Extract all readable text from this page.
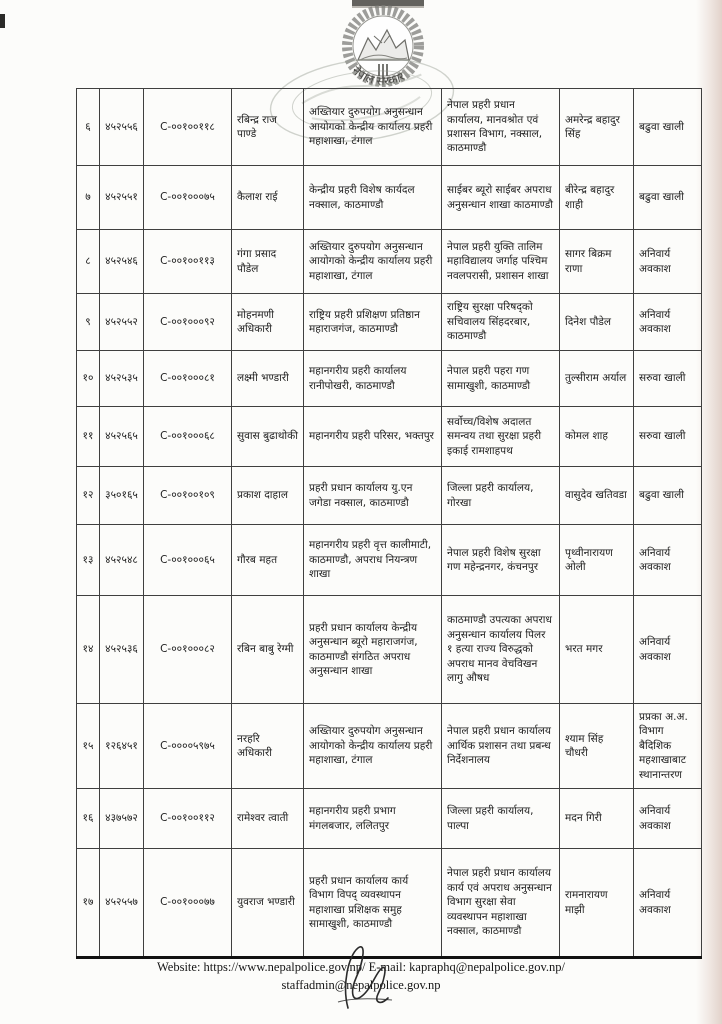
नेपाल सरकार
६	४५२५५६	C-००१००११८	रबिन्द्र राज पाण्डे	अख्तियार दुरुपयोग अनुसन्धान आयोगको केन्द्रीय कार्यालय प्रहरी महाशाखा, टंगाल	नेपाल प्रहरी प्रधान कार्यालय, मानवश्रोत एवं प्रशासन विभाग, नक्साल, काठमाण्डौ	अमरेन्द्र बहादुर सिंह	बढुवा खाली
७	४५२५५१	C-००१०००७५	कैलाश राई	केन्द्रीय प्रहरी विशेष कार्यदल नक्साल, काठमाण्डौ	साईबर ब्यूरो साईबर अपराध अनुसन्धान शाखा काठमाण्डौ	बीरेन्द्र बहादुर शाही	बढुवा खाली
८	४५२५४६	C-००१००११३	गंगा प्रसाद पौडेल	अख्तियार दुरुपयोग अनुसन्धान आयोगको केन्द्रीय कार्यालय प्रहरी महाशाखा, टंगाल	नेपाल प्रहरी युक्ति तालिम महाविद्यालय जर्गाह पश्चिम नवलपरासी, प्रशासन शाखा	सागर बिक्रम राणा	अनिवार्य अवकाश
९	४५२५५२	C-००१०००९२	मोहनमणी अधिकारी	राष्ट्रिय प्रहरी प्रशिक्षण प्रतिष्ठान महाराजगंज, काठमाण्डौ	राष्ट्रिय सुरक्षा परिषद्को सचिवालय सिंहदरबार, काठमाण्डौ	दिनेश पौडेल	अनिवार्य अवकाश
१०	४५२५३५	C-००१०००८१	लक्ष्मी भण्डारी	महानगरीय प्रहरी कार्यालय रानीपोखरी, काठमाण्डौ	नेपाल प्रहरी पहरा गण सामाखुशी, काठमाण्डौ	तुल्सीराम अर्याल	सरुवा खाली
११	४५२५६५	C-००१०००६८	सुवास बुढाथोकी	महानगरीय प्रहरी परिसर, भक्तपुर	सर्वोच्च/विशेष अदालत समन्वय तथा सुरक्षा प्रहरी इकाई रामशाहपथ	कोमल शाह	सरुवा खाली
१२	३५०१६५	C-००१००१०९	प्रकाश दाहाल	प्रहरी प्रधान कार्यालय यु.एन जगेडा नक्साल, काठमाण्डौ	जिल्ला प्रहरी कार्यालय, गोरखा	वासुदेव खतिवडा	बढुवा खाली
१३	४५२५४८	C-००१०००६५	गौरब महत	महानगरीय प्रहरी वृत्त कालीमाटी, काठमाण्डौ, अपराध नियन्त्रण शाखा	नेपाल प्रहरी विशेष सुरक्षा गण महेन्द्रनगर, कंचनपुर	पृथ्वीनारायण ओली	अनिवार्य अवकाश
१४	४५२५३६	C-००१०००८२	रबिन बाबु रेग्मी	प्रहरी प्रधान कार्यालय केन्द्रीय अनुसन्धान ब्यूरो महाराजगंज, काठमाण्डौ संगठित अपराध अनुसन्धान शाखा	काठमाण्डौ उपत्यका अपराध अनुसन्धान कार्यालय पिलर १ हत्या राज्य विरुद्धको अपराध मानव वेचविखन लागु औषध	भरत मगर	अनिवार्य अवकाश
१५	१२६४५१	C-००००५९७५	नरहरि अधिकारी	अख्तियार दुरुपयोग अनुसन्धान आयोगको केन्द्रीय कार्यालय प्रहरी महाशाखा, टंगाल	नेपाल प्रहरी प्रधान कार्यालय आर्थिक प्रशासन तथा प्रबन्ध निर्देशनालय	श्याम सिंह चौधरी	प्रप्रका अ.अ. विभाग बैदिशिक महशाखाबाट स्थानान्तरण
१६	४३७५७२	C-००१००११२	रामेश्वर त्वाती	महानगरीय प्रहरी प्रभाग मंगलबजार, ललितपुर	जिल्ला प्रहरी कार्यालय, पाल्पा	मदन गिरी	अनिवार्य अवकाश
१७	४५२५५७	C-००१०००७७	युवराज भण्डारी	प्रहरी प्रधान कार्यालय कार्य विभाग विपद् व्यवस्थापन महाशाखा प्रशिक्षक समुह सामाखुशी, काठमाण्डौ	नेपाल प्रहरी प्रधान कार्यालय कार्य एवं अपराध अनुसन्धान विभाग सुरक्षा सेवा व्यवस्थापन महाशाखा नक्साल, काठमाण्डौ	रामनारायण माझी	अनिवार्य अवकाश
Website: https://www.nepalpolice.gov.np/ E-mail: kapraphq@nepalpolice.gov.np/
staffadmin@nepalpolice.gov.np
